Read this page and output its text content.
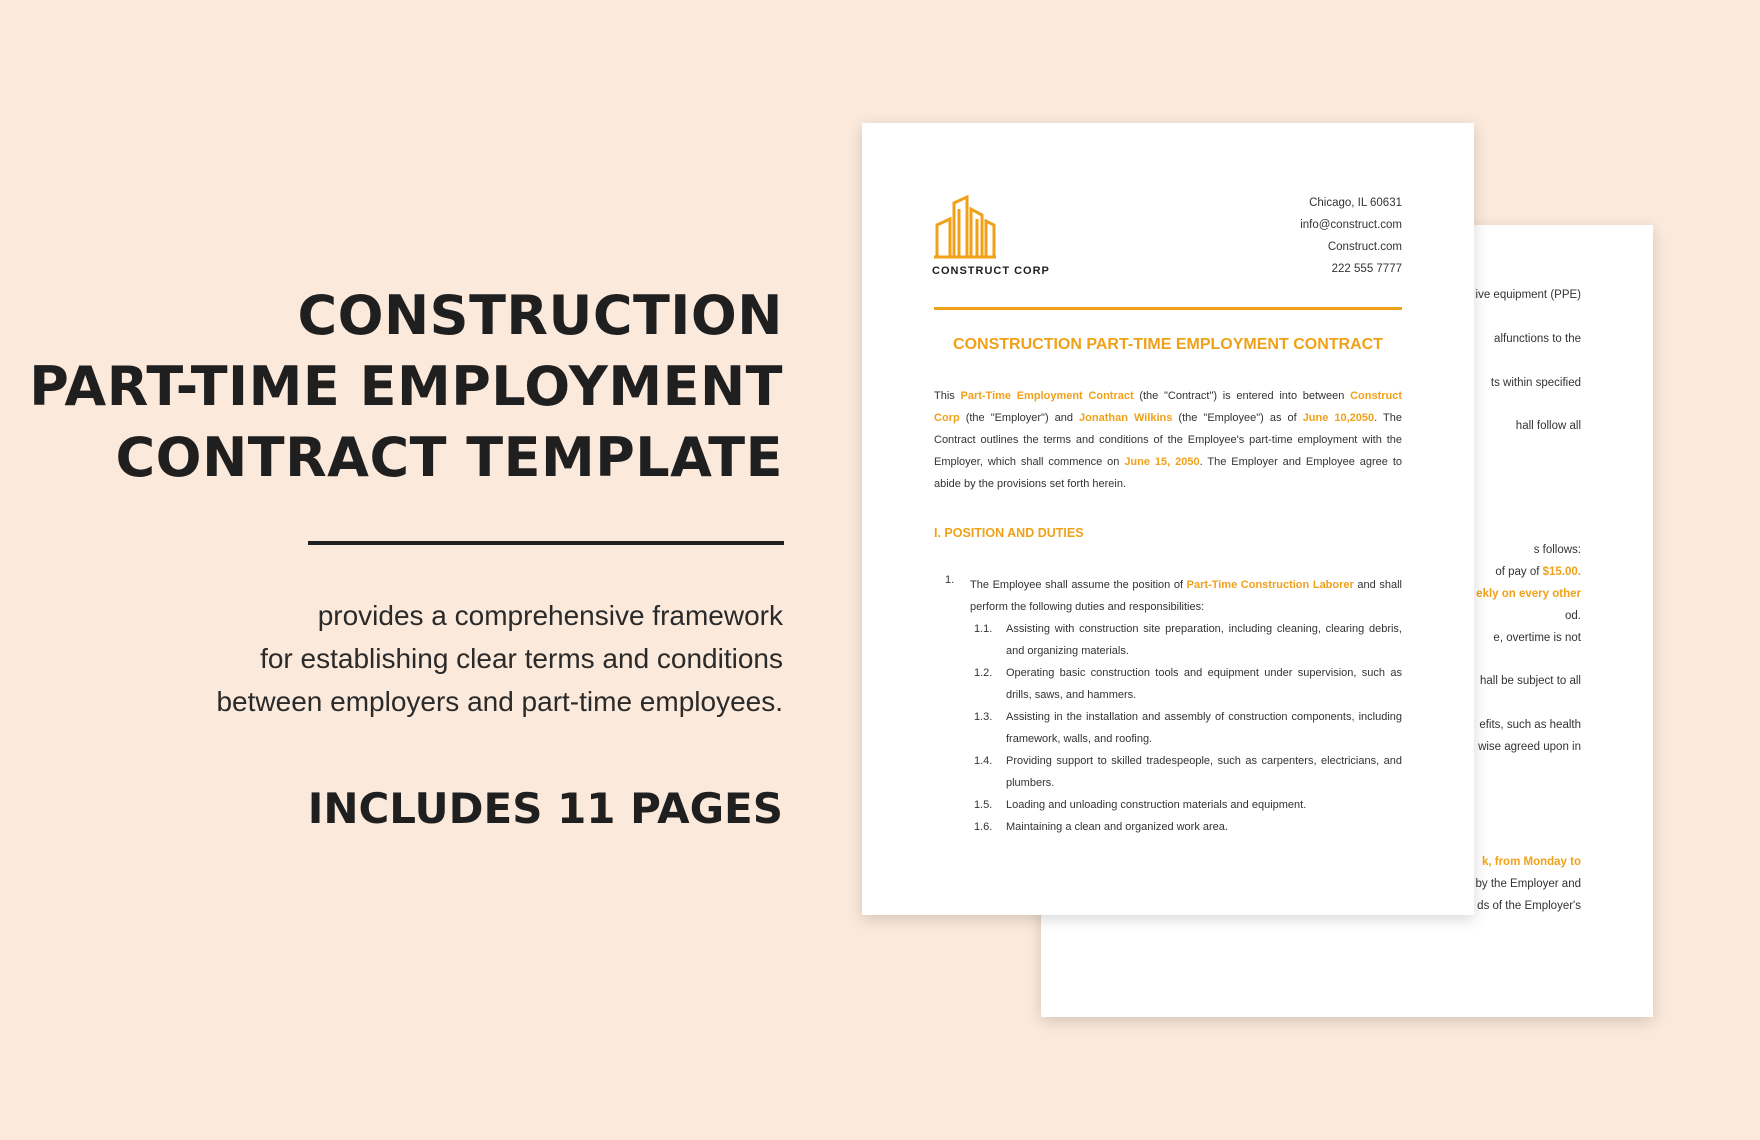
CONSTRUCTION
PART-TIME EMPLOYMENT
CONTRACT TEMPLATE
provides a comprehensive framework
for establishing clear terms and conditions
between employers and part-time employees.
INCLUDES 11 PAGES
ive equipment (PPE)
alfunctions to the
ts within specified
hall follow all
s follows:
of pay of $15.00.
ekly on every other
od.
e, overtime is not
hall be subject to all
efits, such as health
wise agreed upon in
k, from Monday to
by the Employer and
ds of the Employer's
CONSTRUCT CORP
Chicago, IL 60631
info@construct.com
Construct.com
222 555 7777
CONSTRUCTION PART-TIME EMPLOYMENT CONTRACT
This Part-Time Employment Contract (the "Contract") is entered into between Construct Corp (the "Employer") and Jonathan Wilkins (the "Employee") as of June 10,2050. The Contract outlines the terms and conditions of the Employee's part-time employment with the Employer, which shall commence on June 15, 2050. The Employer and Employee agree to abide by the provisions set forth herein.
I. POSITION AND DUTIES
1. The Employee shall assume the position of Part-Time Construction Laborer and shall perform the following duties and responsibilities:
1.1.	Assisting with construction site preparation, including cleaning, clearing debris, and organizing materials.
1.2.	Operating basic construction tools and equipment under supervision, such as drills, saws, and hammers.
1.3.	Assisting in the installation and assembly of construction components, including framework, walls, and roofing.
1.4.	Providing support to skilled tradespeople, such as carpenters, electricians, and plumbers.
1.5.	Loading and unloading construction materials and equipment.
1.6.	Maintaining a clean and organized work area.
